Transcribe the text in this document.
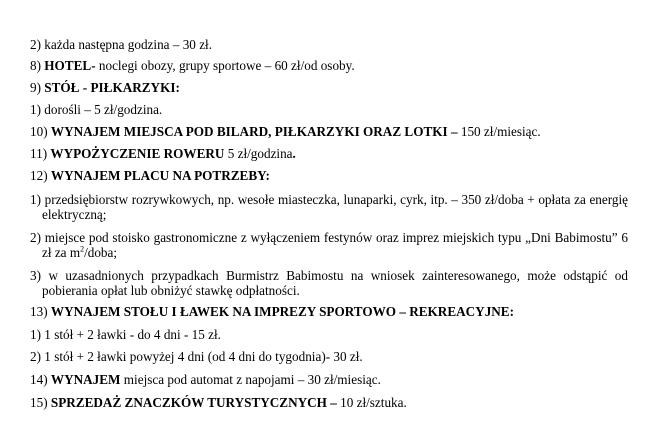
2) każda następna godzina – 30 zł.
8) HOTEL- noclegi obozy, grupy sportowe – 60 zł/od osoby.
9) STÓŁ - PIŁKARZYKI:
1) dorośli – 5 zł/godzina.
10) WYNAJEM MIEJSCA POD BILARD, PIŁKARZYKI ORAZ LOTKI – 150 zł/miesiąc.
11) WYPOŻYCZENIE ROWERU 5 zł/godzina.
12) WYNAJEM PLACU NA POTRZEBY:
1) przedsiębiorstw rozrywkowych, np. wesołe miasteczka, lunaparki, cyrk, itp. – 350 zł/doba + opłata za energię elektryczną;
2) miejsce pod stoisko gastronomiczne z wyłączeniem festynów oraz imprez miejskich typu „Dni Babimostu” 6 zł za $m^2$/doba;
3) w uzasadnionych przypadkach Burmistrz Babimostu na wniosek zainteresowanego, może odstąpić od pobierania opłat lub obniżyć stawkę odpłatności.
13) WYNAJEM STOŁU I ŁAWEK NA IMPREZY SPORTOWO – REKREACYJNE:
1) 1 stół + 2 ławki - do 4 dni - 15 zł.
2) 1 stół + 2 ławki powyżej 4 dni (od 4 dni do tygodnia)- 30 zł.
14) WYNAJEM miejsca pod automat z napojami – 30 zł/miesiąc.
15) SPRZEDAŻ ZNACZKÓW TURYSTYCZNYCH – 10 zł/sztuka.
